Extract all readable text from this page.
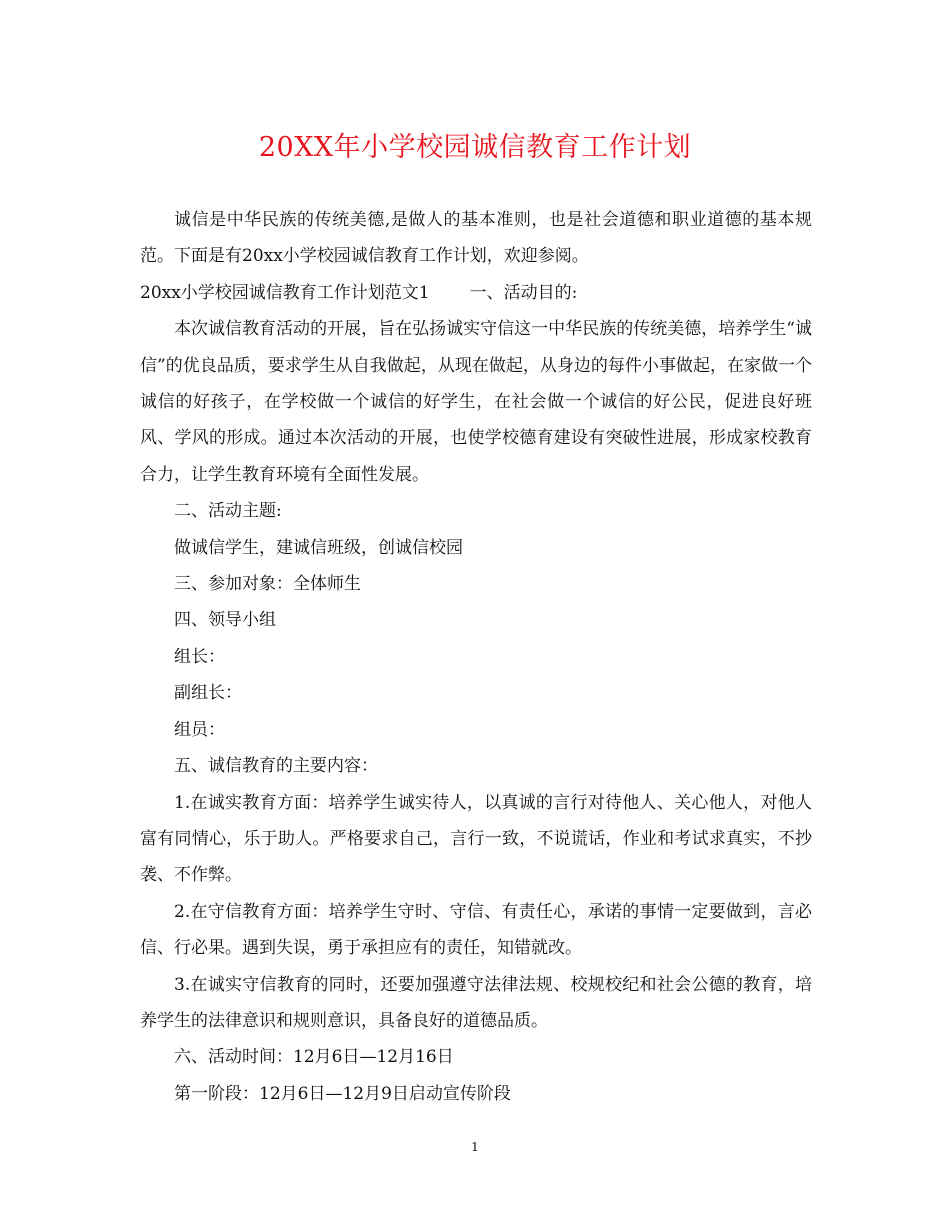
20XX年小学校园诚信教育工作计划

诚信是中华民族的传统美德,是做人的基本准则，也是社会道德和职业道德的基本规范。下面是有20xx小学校园诚信教育工作计划，欢迎参阅。

20xx小学校园诚信教育工作计划范文1 一、活动目的:

本次诚信教育活动的开展，旨在弘扬诚实守信这一中华民族的传统美德，培养学生“诚信”的优良品质，要求学生从自我做起，从现在做起，从身边的每件小事做起，在家做一个诚信的好孩子，在学校做一个诚信的好学生，在社会做一个诚信的好公民，促进良好班风、学风的形成。通过本次活动的开展，也使学校德育建设有突破性进展，形成家校教育合力，让学生教育环境有全面性发展。

二、活动主题:

做诚信学生，建诚信班级，创诚信校园

三、参加对象：全体师生

四、领导小组

组长：

副组长：

组员：

五、诚信教育的主要内容：

1.在诚实教育方面：培养学生诚实待人，以真诚的言行对待他人、关心他人，对他人富有同情心，乐于助人。严格要求自己，言行一致，不说谎话，作业和考试求真实，不抄袭、不作弊。

2.在守信教育方面：培养学生守时、守信、有责任心，承诺的事情一定要做到，言必信、行必果。遇到失误，勇于承担应有的责任，知错就改。

3.在诚实守信教育的同时，还要加强遵守法律法规、校规校纪和社会公德的教育，培养学生的法律意识和规则意识，具备良好的道德品质。

六、活动时间：12月6日—12月16日

第一阶段：12月6日—12月9日启动宣传阶段

1
